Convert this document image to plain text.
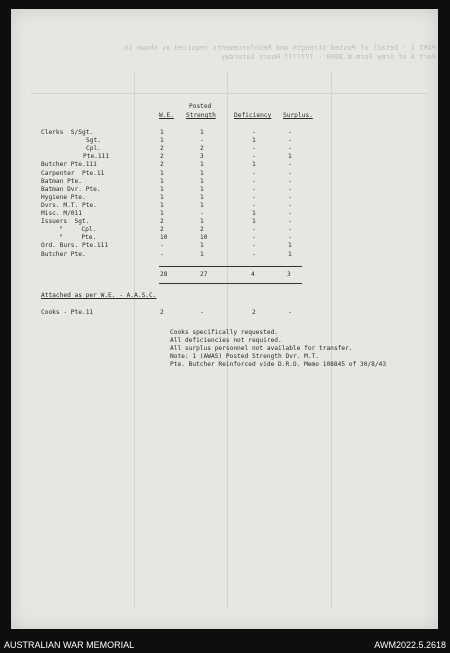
PART 1 - Detail of Posted Strength and Reinforcements required as shown in
Part A of Army Form W.3009 - ??????? Hours Saturday
Posted
W.E. Strength	Deficiency Surplus.
Clerks  S/Sgt.	1	1	-	-
Sgt.	1	-	1	-
Cpl.	2	2	-	-
Pte.111	2	3	-	1
Butcher Pte.111	2	1	1	-
Carpenter  Pte.11	1	1	-	-
Batman Pte.	1	1	-	-
Batman Dvr. Pte.	1	1	-	-
Hygiene Pte.	1	1	-	-
Dvrs. M.T. Pte.	1	1	-	-
Misc. M/011	1	-	1	-
Issuers  Sgt.	2	1	1	-
"     Cpl.	2	2	-	-
"     Pte.	10	10	-	-
Ord. Burs. Pte.111	-	1	-	1
Butcher Pte.	-	1	-	1
28	27	4	3
Attached as per W.E. - A.A.S.C.
Cooks - Pte.11	2	-	2	-
Cooks specifically requested.
All deficiencies not required.
All surplus personnel not available for transfer.
Note: 1 (AWAS) Posted Strength Dvr. M.T.
Pte. Butcher Reinforced vide D.R.O. Memo 108845 of 30/8/43
AUSTRALIAN WAR MEMORIAL	AWM2022.5.2618
